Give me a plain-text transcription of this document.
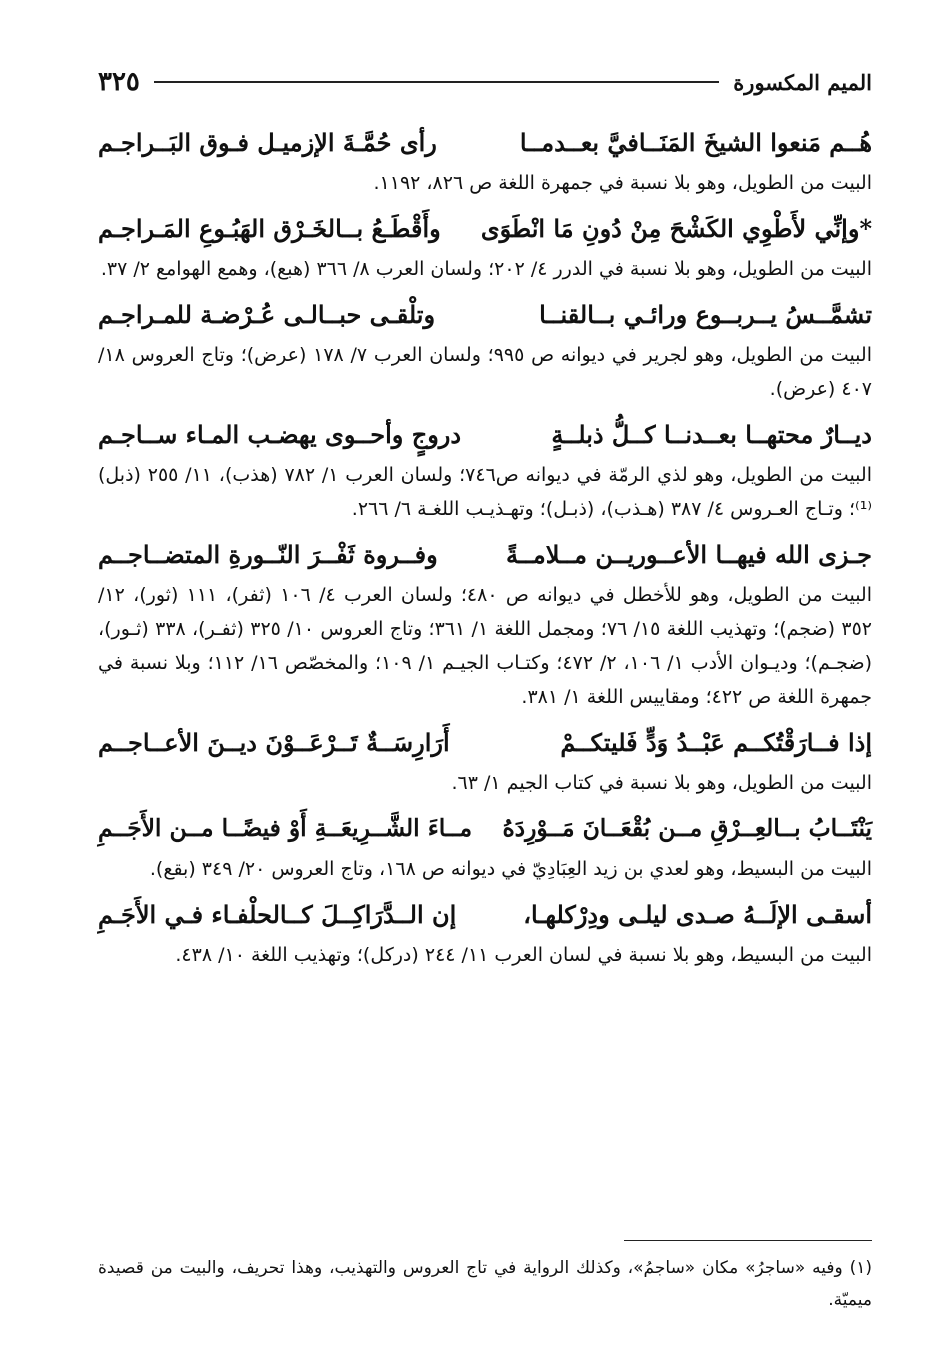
الميم المكسورة
٣٢٥
هُــم مَنعوا الشيخَ المَنَــافيَّ بعــدمــا
رأى حُمَّـةَ الإزميـل فـوق البَــراجـم
البيت من الطويل، وهو بلا نسبة في جمهرة اللغة ص ٨٢٦، ١١٩٢.
*وإنِّي لأَطْوِي الكَشْحَ مِنْ دُونِ مَا انْطَوَى
وأَقْطَـعُ بــالخَـرْق الهَبُـوعِ المَـراجـم
البيت من الطويل، وهو بلا نسبة في الدرر ٤/ ٢٠٢؛ ولسان العرب ٨/ ٣٦٦ (هبع)، وهمع الهوامع ٢/ ٣٧.
تشمَّــسُ يــربــوع ورائـي بــالقنــا
وتلْقـى حبــالـى عُـرْضـة للمـراجـم
البيت من الطويل، وهو لجرير في ديوانه ص ٩٩٥؛ ولسان العرب ٧/ ١٧٨ (عرض)؛ وتاج العروس ١٨/ ٤٠٧ (عرض).
ديــارٌ محتهــا بعــدنــا كــلُّ ذبلــةٍ
دروجٍ وأحــوى يهضـب المـاء ســاجـم
البيت من الطويل، وهو لذي الرمّة في ديوانه ص٧٤٦؛ ولسان العرب ١/ ٧٨٢ (هذب)، ١١/ ٢٥٥ (ذبل)⁽¹⁾؛ وتـاج العـروس ٤/ ٣٨٧ (هـذب)، (ذبـل)؛ وتهـذيـب اللغـة ٦/ ٢٦٦.
جـزى الله فيهــا الأعــوريــن مــلامــةً
وفــروة ثَفْــرَ النّــورةِ المتضــاجــم
البيت من الطويل، وهو للأخطل في ديوانه ص ٤٨٠؛ ولسان العرب ٤/ ١٠٦ (ثفر)، ١١١ (ثور)، ١٢/ ٣٥٢ (ضجم)؛ وتهذيب اللغة ١٥/ ٧٦؛ ومجمل اللغة ١/ ٣٦١؛ وتاج العروس ١٠/ ٣٢٥ (ثفـر)، ٣٣٨ (ثـور)، (ضجـم)؛ وديـوان الأدب ١/ ١٠٦، ٢/ ٤٧٢؛ وكتـاب الجيـم ١/ ١٠٩؛ والمخصّص ١٦/ ١١٢؛ وبلا نسبة في جمهرة اللغة ص ٤٢٢؛ ومقاييس اللغة ١/ ٣٨١.
إذا فــارَقْتُكــم عَبْــدُ وَدٍّ فَليتكــمْ
أَرَارِسَــةٌ تَــرْعَــوْنَ ديــنَ الأعــاجــم
البيت من الطويل، وهو بلا نسبة في كتاب الجيم ١/ ٦٣.
يَنْتَــابُ بــالعِــرْقِ مــن بُقْعَــانَ مَــوْرِدَهُ
مــاءَ الشَّــرِيعَــةِ أَوْ فيضًــا مــن الأَجَــمِ
البيت من البسيط، وهو لعدي بن زيد العِبَادِيّ في ديوانه ص ١٦٨، وتاج العروس ٢٠/ ٣٤٩ (بقع).
أسقـى الإلَــهُ صـدى ليلـى ودِرْكلهـا،
إن الــدَّرَاكِــلَ كــالحلْفـاء فـي الأَجَـمِ
البيت من البسيط، وهو بلا نسبة في لسان العرب ١١/ ٢٤٤ (دركل)؛ وتهذيب اللغة ١٠/ ٤٣٨.
(١) وفيه «ساجرُ» مكان «ساجمُ»، وكذلك الرواية في تاج العروس والتهذيب، وهذا تحريف، والبيت من قصيدة ميميّة.
